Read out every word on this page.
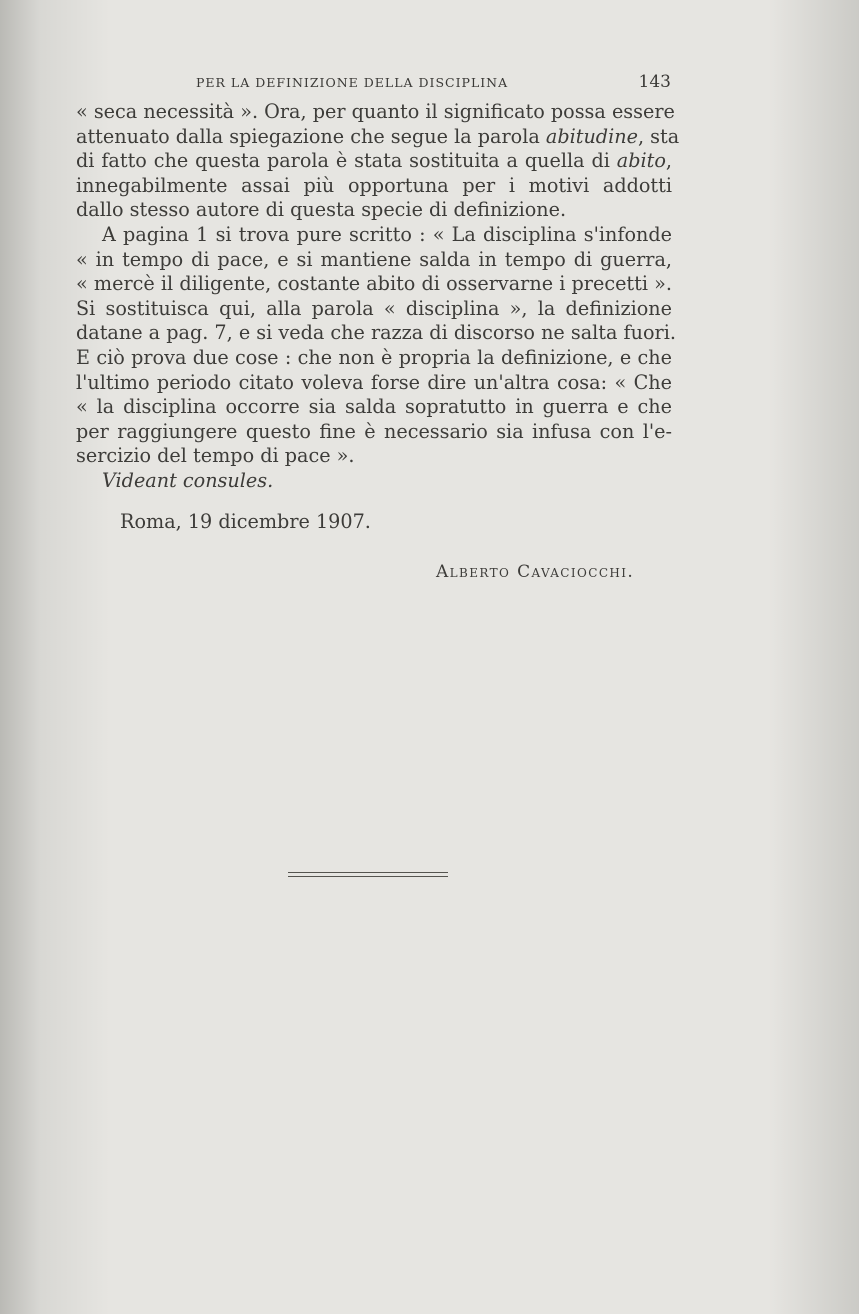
PER LA DEFINIZIONE DELLA DISCIPLINA	143
« seca necessità ». Ora, per quanto il significato possa essere
attenuato dalla spiegazione che segue la parola abitudine, sta
di fatto che questa parola è stata sostituita a quella di abito,
innegabilmente assai più opportuna per i motivi addotti
dallo stesso autore di questa specie di definizione.
A pagina 1 si trova pure scritto : « La disciplina s'infonde
« in tempo di pace, e si mantiene salda in tempo di guerra,
« mercè il diligente, costante abito di osservarne i precetti ».
Si sostituisca qui, alla parola « disciplina », la definizione
datane a pag. 7, e si veda che razza di discorso ne salta fuori.
E ciò prova due cose : che non è propria la definizione, e che
l'ultimo periodo citato voleva forse dire un'altra cosa: « Che
« la disciplina occorre sia salda sopratutto in guerra e che
per raggiungere questo fine è necessario sia infusa con l'e-
sercizio del tempo di pace ».
Videant consules.
Roma, 19 dicembre 1907.
Alberto Cavaciocchi.
